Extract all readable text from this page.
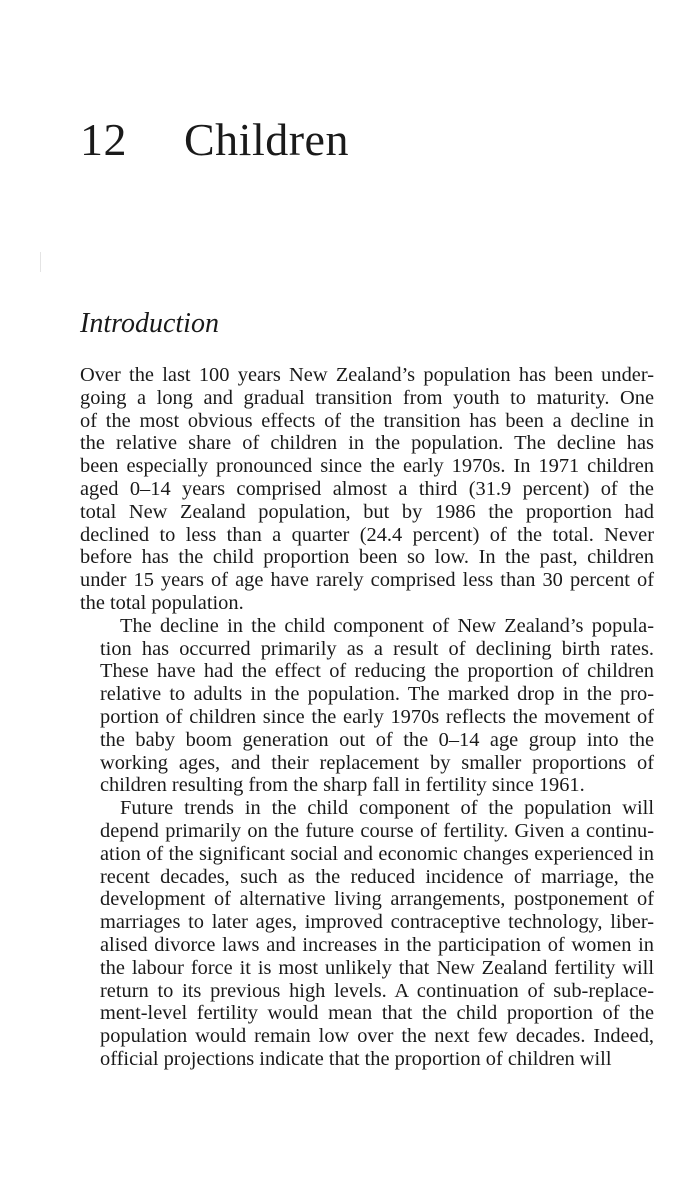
12 Children
Introduction
Over the last 100 years New Zealand’s population has been under-
going a long and gradual transition from youth to maturity. One
of the most obvious effects of the transition has been a decline in
the relative share of children in the population. The decline has
been especially pronounced since the early 1970s. In 1971 children
aged 0–14 years comprised almost a third (31.9 percent) of the
total New Zealand population, but by 1986 the proportion had
declined to less than a quarter (24.4 percent) of the total. Never
before has the child proportion been so low. In the past, children
under 15 years of age have rarely comprised less than 30 percent of
the total population.
The decline in the child component of New Zealand’s popula-
tion has occurred primarily as a result of declining birth rates.
These have had the effect of reducing the proportion of children
relative to adults in the population. The marked drop in the pro-
portion of children since the early 1970s reflects the movement of
the baby boom generation out of the 0–14 age group into the
working ages, and their replacement by smaller proportions of
children resulting from the sharp fall in fertility since 1961.
Future trends in the child component of the population will
depend primarily on the future course of fertility. Given a continu-
ation of the significant social and economic changes experienced in
recent decades, such as the reduced incidence of marriage, the
development of alternative living arrangements, postponement of
marriages to later ages, improved contraceptive technology, liber-
alised divorce laws and increases in the participation of women in
the labour force it is most unlikely that New Zealand fertility will
return to its previous high levels. A continuation of sub-replace-
ment-level fertility would mean that the child proportion of the
population would remain low over the next few decades. Indeed,
official projections indicate that the proportion of children will
